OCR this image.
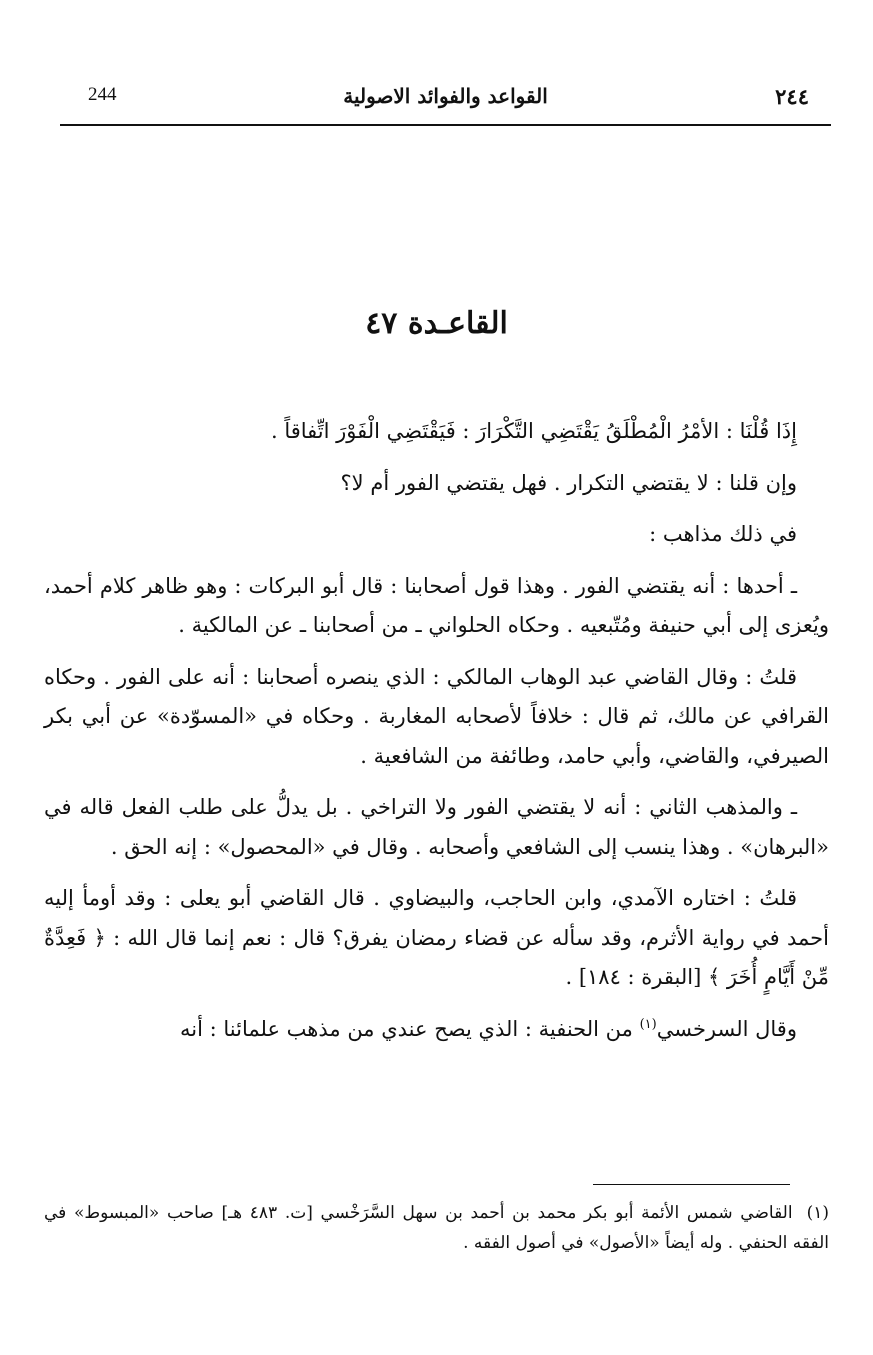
244	القواعد والفوائد الاصولية	٢٤٤
القاعـدة ٤٧

إِذَا قُلْنَا : الأمْرُ الْمُطْلَقُ يَقْتَضِي التَّكْرَارَ : فَيَقْتَضِي الْفَوْرَ اتِّفاقاً .

وإن قلنا : لا يقتضي التكرار . فهل يقتضي الفور أم لا؟

في ذلك مذاهب :

ـ أحدها : أنه يقتضي الفور . وهذا قول أصحابنا : قال أبو البركات : وهو ظاهر كلام أحمد، ويُعزى إلى أبي حنيفة ومُتّبعيه . وحكاه الحلواني ـ من أصحابنا ـ عن المالكية .

قلتُ : وقال القاضي عبد الوهاب المالكي : الذي ينصره أصحابنا : أنه على الفور . وحكاه القرافي عن مالك، ثم قال : خلافاً لأصحابه المغاربة . وحكاه في «المسوّدة» عن أبي بكر الصيرفي، والقاضي، وأبي حامد، وطائفة من الشافعية .

ـ والمذهب الثاني : أنه لا يقتضي الفور ولا التراخي . بل يدلُّ على طلب الفعل قاله في «البرهان» . وهذا ينسب إلى الشافعي وأصحابه . وقال في «المحصول» : إنه الحق .

قلتُ : اختاره الآمدي، وابن الحاجب، والبيضاوي . قال القاضي أبو يعلى : وقد أومأ إليه أحمد في رواية الأثرم، وقد سأله عن قضاء رمضان يفرق؟ قال : نعم إنما قال الله : ﴿ فَعِدَّةٌ مِّنْ أَيَّامٍ أُخَرَ ﴾ [البقرة : ١٨٤] .

وقال السرخسي$^{(١)}$ من الحنفية : الذي يصح عندي من مذهب علمائنا : أنه

(١)القاضي شمس الأئمة أبو بكر محمد بن أحمد بن سهل السَّرَخْسي [ت. ٤٨٣ هـ] صاحب «المبسوط» في الفقه الحنفي . وله أيضاً «الأصول» في أصول الفقه .
